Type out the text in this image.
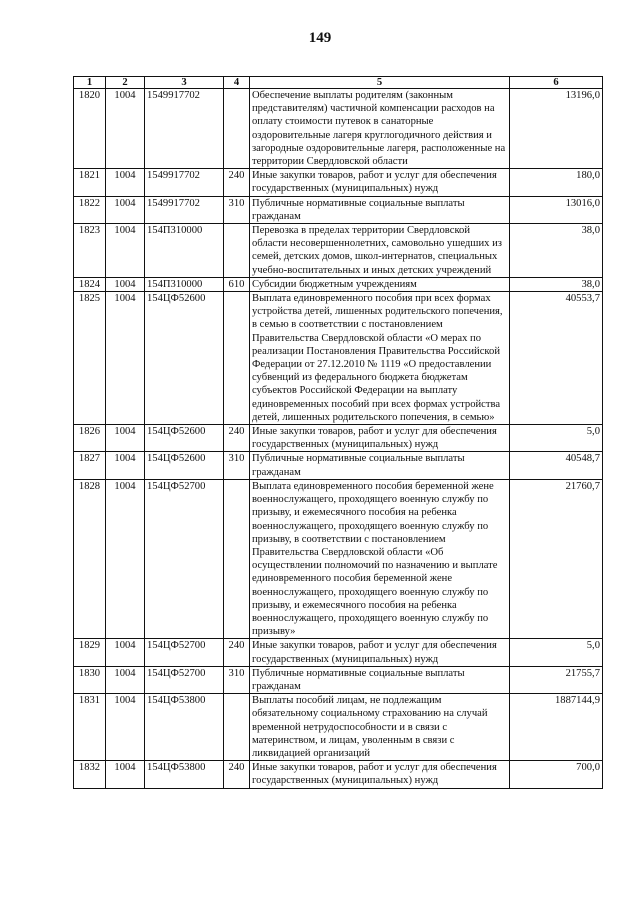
149
1	2	3	4	5	6
1820	1004	1549917702		Обеспечение выплаты родителям (законным представителям) частичной компенсации расходов на оплату стоимости путевок в санаторные оздоровительные лагеря круглогодичного действия и загородные оздоровительные лагеря, расположенные на территории Свердловской области	13196,0
1821	1004	1549917702	240	Иные закупки товаров, работ и услуг для обеспечения государственных (муниципальных) нужд	180,0
1822	1004	1549917702	310	Публичные нормативные социальные выплаты гражданам	13016,0
1823	1004	154П310000		Перевозка в пределах территории Свердловской области несовершеннолетних, самовольно ушедших из семей, детских домов, школ-интернатов, специальных учебно-воспитательных и иных детских учреждений	38,0
1824	1004	154П310000	610	Субсидии бюджетным учреждениям	38,0
1825	1004	154ЦФ52600		Выплата единовременного пособия при всех формах устройства детей, лишенных родительского попечения, в семью в соответствии с постановлением Правительства Свердловской области «О мерах по реализации Постановления Правительства Российской Федерации от 27.12.2010 № 1119 «О предоставлении субвенций из федерального бюджета бюджетам субъектов Российской Федерации на выплату единовременных пособий при всех формах устройства детей, лишенных родительского попечения, в семью»	40553,7
1826	1004	154ЦФ52600	240	Иные закупки товаров, работ и услуг для обеспечения государственных (муниципальных) нужд	5,0
1827	1004	154ЦФ52600	310	Публичные нормативные социальные выплаты гражданам	40548,7
1828	1004	154ЦФ52700		Выплата единовременного пособия беременной жене военнослужащего, проходящего военную службу по призыву, и ежемесячного пособия на ребенка военнослужащего, проходящего военную службу по призыву, в соответствии с постановлением Правительства Свердловской области «Об осуществлении полномочий по назначению и выплате единовременного пособия беременной жене военнослужащего, проходящего военную службу по призыву, и ежемесячного пособия на ребенка военнослужащего, проходящего военную службу по призыву»	21760,7
1829	1004	154ЦФ52700	240	Иные закупки товаров, работ и услуг для обеспечения государственных (муниципальных) нужд	5,0
1830	1004	154ЦФ52700	310	Публичные нормативные социальные выплаты гражданам	21755,7
1831	1004	154ЦФ53800		Выплаты пособий лицам, не подлежащим обязательному социальному страхованию на случай временной нетрудоспособности и в связи с материнством, и лицам, уволенным в связи с ликвидацией организаций	1887144,9
1832	1004	154ЦФ53800	240	Иные закупки товаров, работ и услуг для обеспечения государственных (муниципальных) нужд	700,0
